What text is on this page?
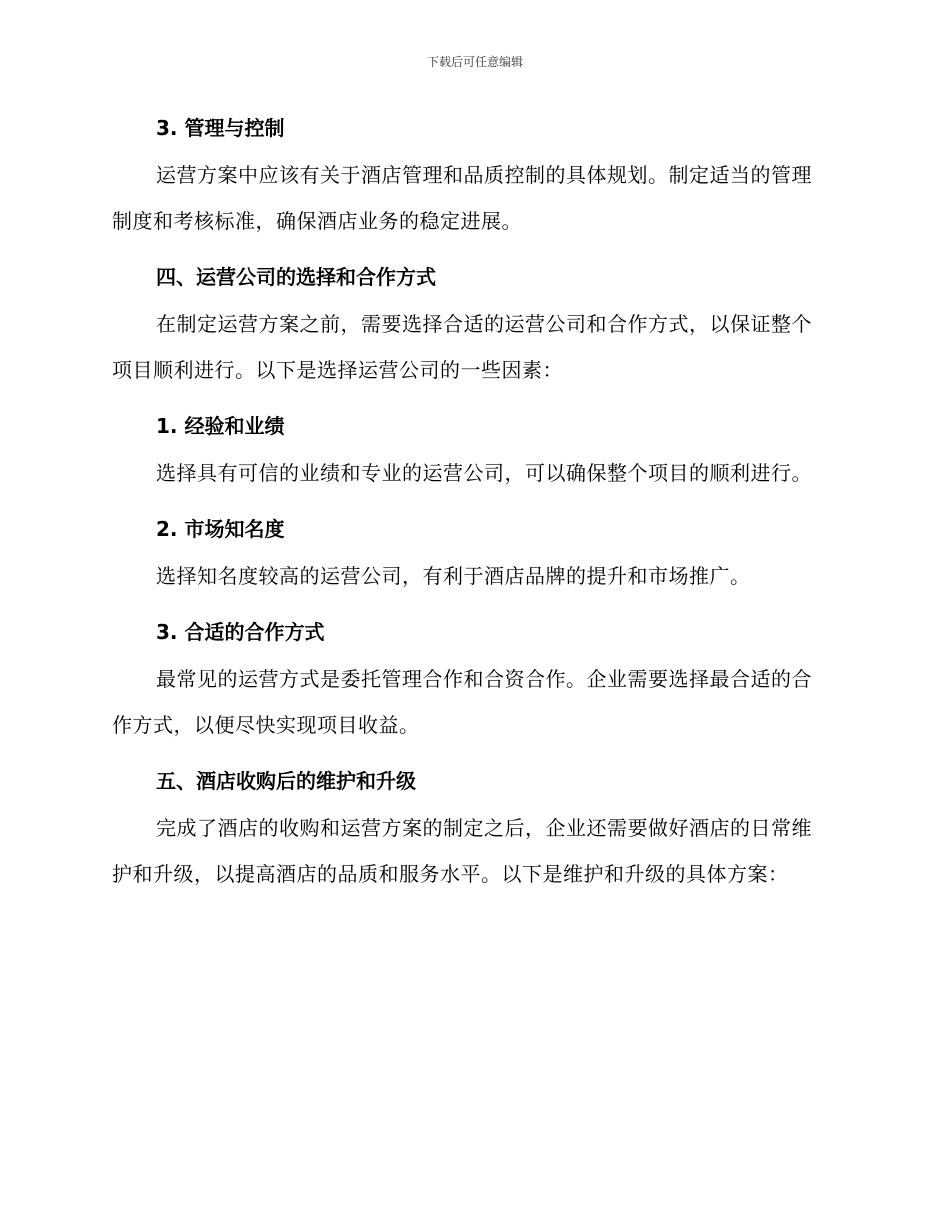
下载后可任意编辑
3. 管理与控制
运营方案中应该有关于酒店管理和品质控制的具体规划。制定适当的管理制度和考核标准，确保酒店业务的稳定进展。
四、运营公司的选择和合作方式
在制定运营方案之前，需要选择合适的运营公司和合作方式，以保证整个项目顺利进行。以下是选择运营公司的一些因素：
1. 经验和业绩
选择具有可信的业绩和专业的运营公司，可以确保整个项目的顺利进行。
2. 市场知名度
选择知名度较高的运营公司，有利于酒店品牌的提升和市场推广。
3. 合适的合作方式
最常见的运营方式是委托管理合作和合资合作。企业需要选择最合适的合作方式，以便尽快实现项目收益。
五、酒店收购后的维护和升级
完成了酒店的收购和运营方案的制定之后，企业还需要做好酒店的日常维护和升级，以提高酒店的品质和服务水平。以下是维护和升级的具体方案：
